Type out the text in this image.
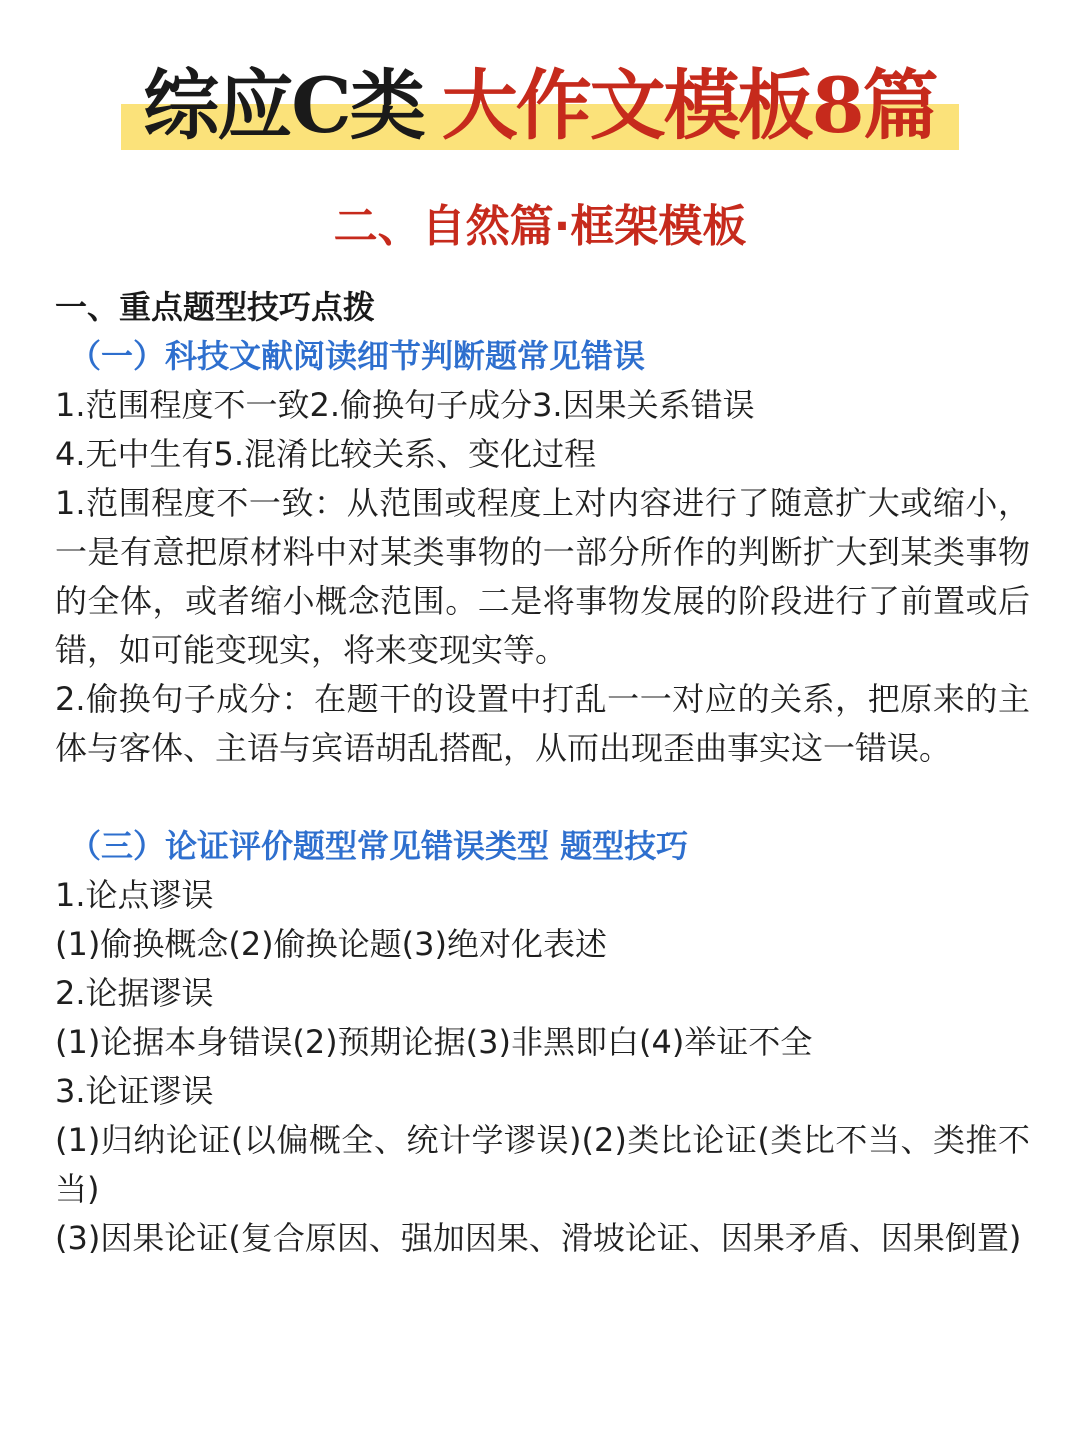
综应C类 大作文模板8篇
二、自然篇·框架模板
一、重点题型技巧点拨
（一）科技文献阅读细节判断题常见错误
1.范围程度不一致2.偷换句子成分3.因果关系错误
4.无中生有5.混淆比较关系、变化过程
1.范围程度不一致：从范围或程度上对内容进行了随意扩大或缩小，一是有意把原材料中对某类事物的一部分所作的判断扩大到某类事物的全体，或者缩小概念范围。二是将事物发展的阶段进行了前置或后错，如可能变现实，将来变现实等。
2.偷换句子成分：在题干的设置中打乱一一对应的关系，把原来的主体与客体、主语与宾语胡乱搭配，从而出现歪曲事实这一错误。
（三）论证评价题型常见错误类型 题型技巧
1.论点谬误
(1)偷换概念(2)偷换论题(3)绝对化表述
2.论据谬误
(1)论据本身错误(2)预期论据(3)非黑即白(4)举证不全
3.论证谬误
(1)归纳论证(以偏概全、统计学谬误)(2)类比论证(类比不当、类推不当)
(3)因果论证(复合原因、强加因果、滑坡论证、因果矛盾、因果倒置)
